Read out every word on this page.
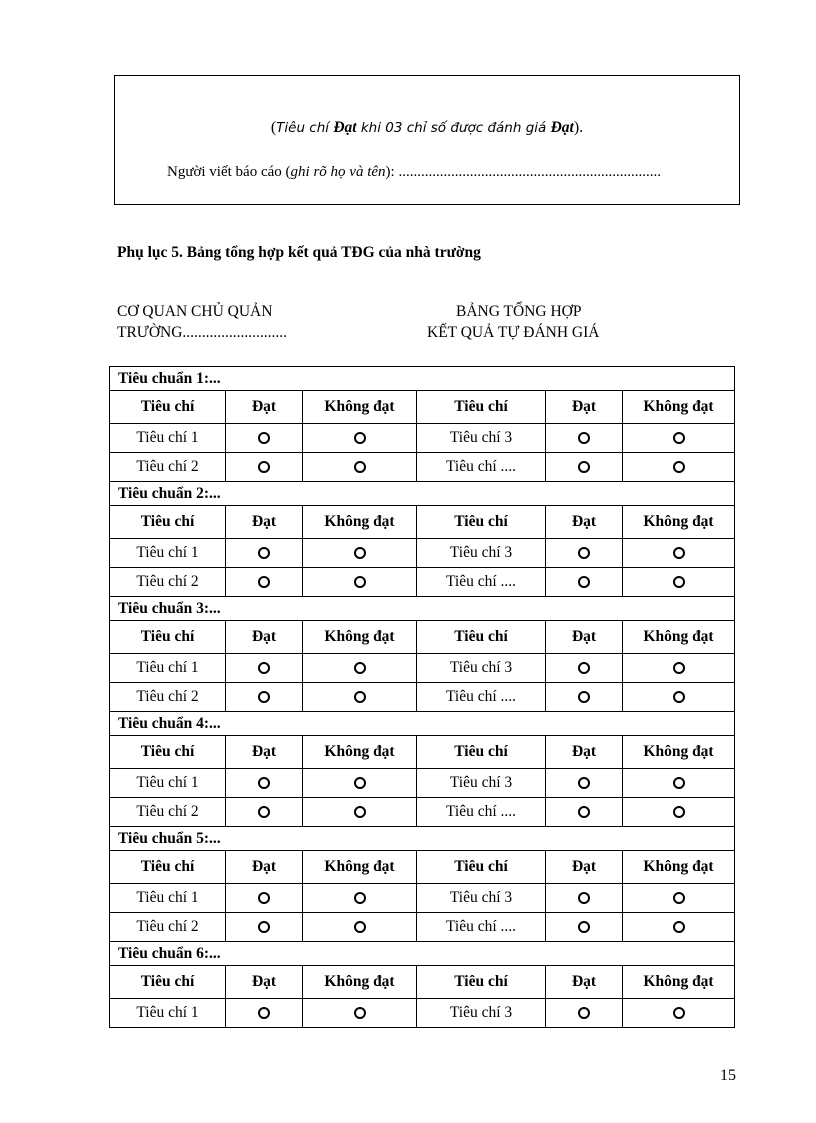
(Tiêu chí Đạt khi 03 chỉ số được đánh giá Đạt).
Người viết báo cáo (ghi rõ họ và tên): ......................................................................
Phụ lục 5. Bảng tổng hợp kết quả TĐG của nhà trường
CƠ QUAN CHỦ QUẢN
TRƯỜNG...........................
BẢNG TỔNG HỢP
KẾT QUẢ TỰ ĐÁNH GIÁ
Tiêu chuẩn 1:...					
Tiêu chí	Đạt	Không đạt	Tiêu chí	Đạt	Không đạt
Tiêu chí 1			Tiêu chí 3		
Tiêu chí 2			Tiêu chí ....		
Tiêu chuẩn 2:...					
Tiêu chí	Đạt	Không đạt	Tiêu chí	Đạt	Không đạt
Tiêu chí 1			Tiêu chí 3		
Tiêu chí 2			Tiêu chí ....		
Tiêu chuẩn 3:...					
Tiêu chí	Đạt	Không đạt	Tiêu chí	Đạt	Không đạt
Tiêu chí 1			Tiêu chí 3		
Tiêu chí 2			Tiêu chí ....		
Tiêu chuẩn 4:...					
Tiêu chí	Đạt	Không đạt	Tiêu chí	Đạt	Không đạt
Tiêu chí 1			Tiêu chí 3		
Tiêu chí 2			Tiêu chí ....		
Tiêu chuẩn 5:...					
Tiêu chí	Đạt	Không đạt	Tiêu chí	Đạt	Không đạt
Tiêu chí 1			Tiêu chí 3		
Tiêu chí 2			Tiêu chí ....		
Tiêu chuẩn 6:...					
Tiêu chí	Đạt	Không đạt	Tiêu chí	Đạt	Không đạt
Tiêu chí 1			Tiêu chí 3		
15
